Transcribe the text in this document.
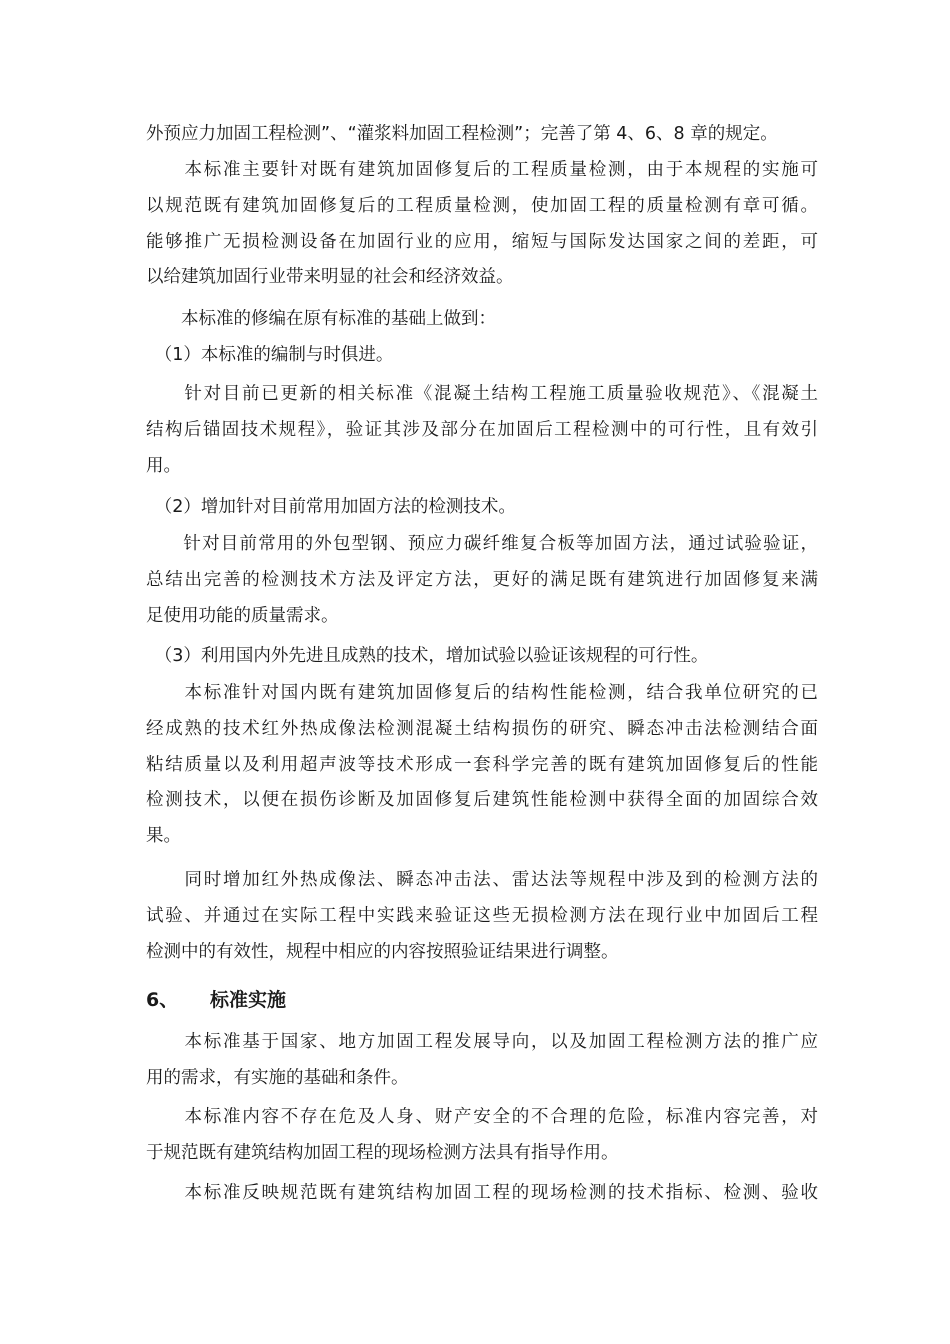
外预应力加固工程检测”、“灌浆料加固工程检测”；完善了第 4、6、8 章的规定。

　　本标准主要针对既有建筑加固修复后的工程质量检测，由于本规程的实施可
以规范既有建筑加固修复后的工程质量检测，使加固工程的质量检测有章可循。
能够推广无损检测设备在加固行业的应用，缩短与国际发达国家之间的差距，可
以给建筑加固行业带来明显的社会和经济效益。

　　本标准的修编在原有标准的基础上做到：

　（1）本标准的编制与时俱进。

　　针对目前已更新的相关标准《混凝土结构工程施工质量验收规范》、《混凝土
结构后锚固技术规程》，验证其涉及部分在加固后工程检测中的可行性，且有效引
用。

　（2）增加针对目前常用加固方法的检测技术。

　　针对目前常用的外包型钢、预应力碳纤维复合板等加固方法，通过试验验证，
总结出完善的检测技术方法及评定方法，更好的满足既有建筑进行加固修复来满
足使用功能的质量需求。

　（3）利用国内外先进且成熟的技术，增加试验以验证该规程的可行性。

　　本标准针对国内既有建筑加固修复后的结构性能检测，结合我单位研究的已
经成熟的技术红外热成像法检测混凝土结构损伤的研究、瞬态冲击法检测结合面
粘结质量以及利用超声波等技术形成一套科学完善的既有建筑加固修复后的性能
检测技术，以便在损伤诊断及加固修复后建筑性能检测中获得全面的加固综合效
果。

　　同时增加红外热成像法、瞬态冲击法、雷达法等规程中涉及到的检测方法的
试验、并通过在实际工程中实践来验证这些无损检测方法在现行业中加固后工程
检测中的有效性，规程中相应的内容按照验证结果进行调整。

6、 标准实施

　　本标准基于国家、地方加固工程发展导向，以及加固工程检测方法的推广应
用的需求，有实施的基础和条件。

　　本标准内容不存在危及人身、财产安全的不合理的危险，标准内容完善，对
于规范既有建筑结构加固工程的现场检测方法具有指导作用。

　　本标准反映规范既有建筑结构加固工程的现场检测的技术指标、检测、验收
